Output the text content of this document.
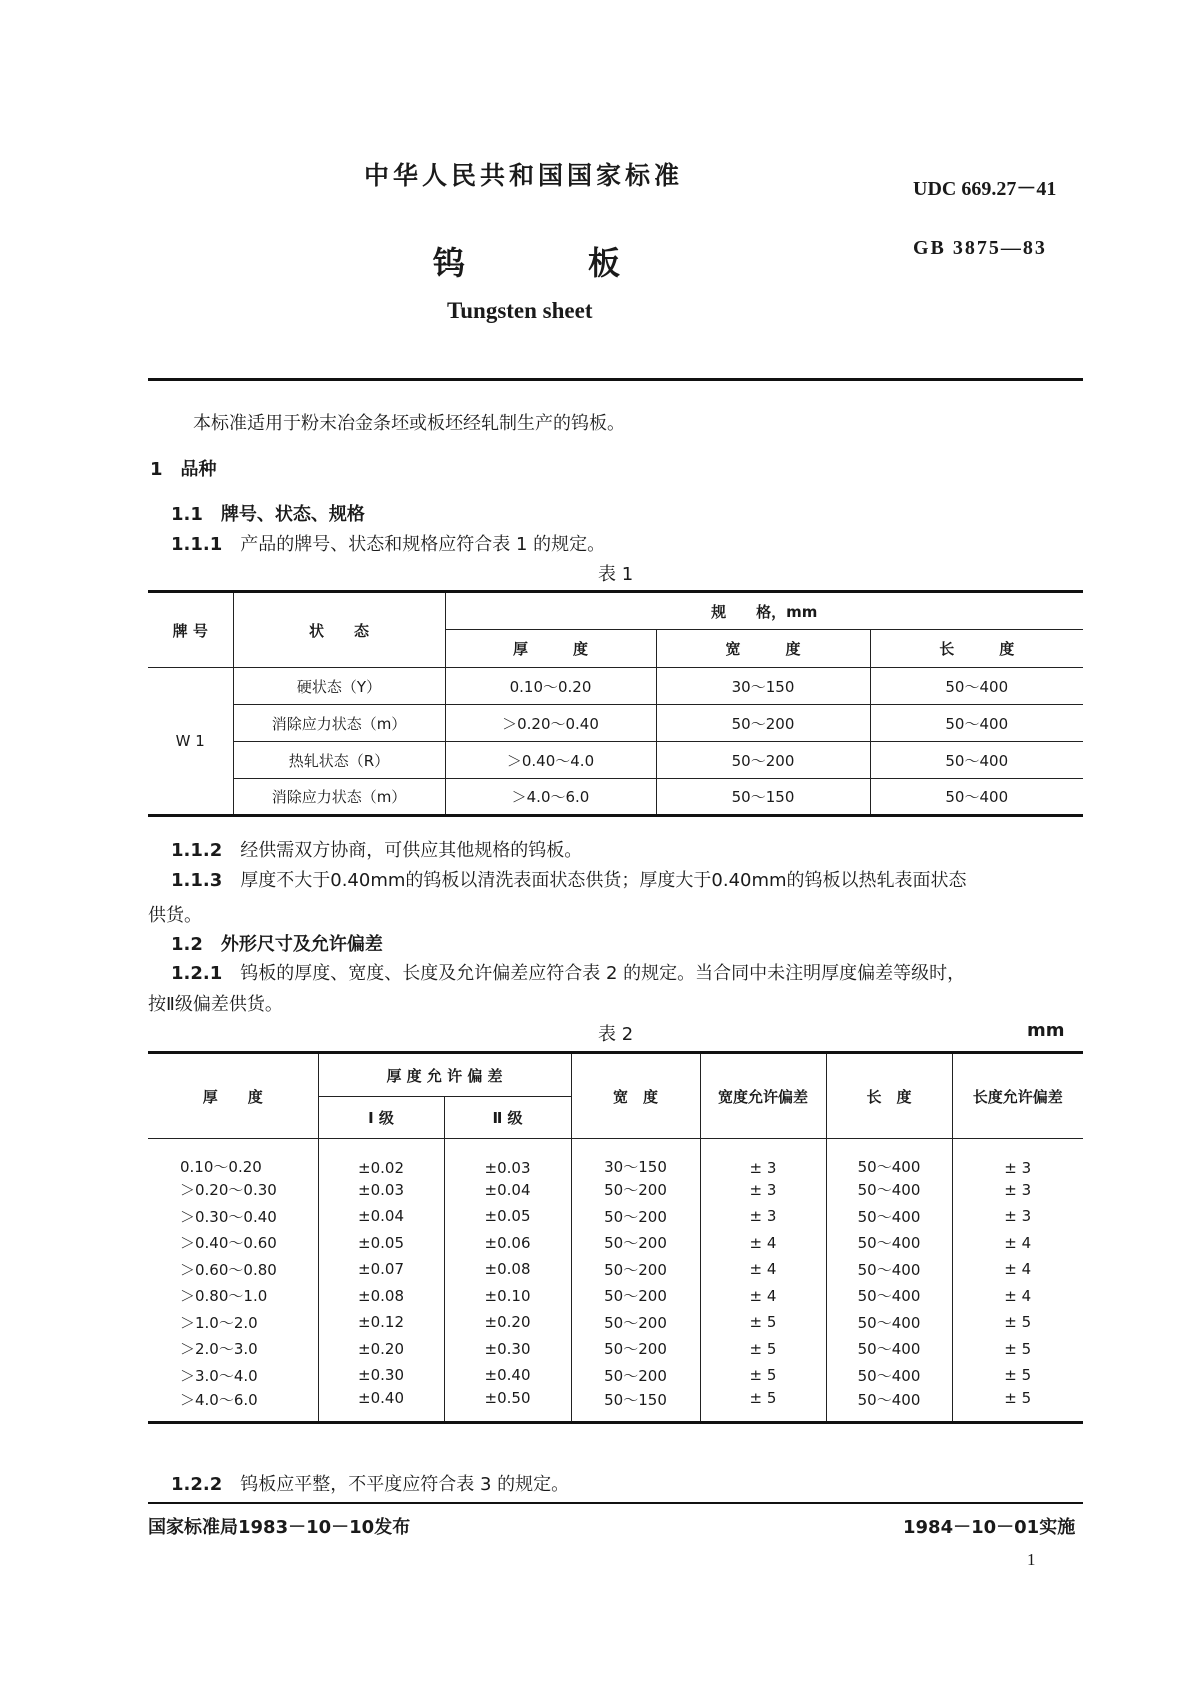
中华人民共和国国家标准	UDC 669.27－41
钨	板	GB 3875—83
Tungsten sheet
本标准适用于粉末冶金条坯或板坯经轧制生产的钨板。
1　品种
1.1　牌号、状态、规格
1.1.1　 产品的牌号、状态和规格应符合表 1 的规定。
表 1
牌 号	状　　态	规　　格，mm		
		厚　　　度	宽　　　度	长　　　度
W 1	硬状态（Y）	0.10～0.20	30～150	50～400
	消除应力状态（m）	＞0.20～0.40	50～200	50～400
	热轧状态（R）	＞0.40～4.0	50～200	50～400
	消除应力状态（m）	＞4.0～6.0	50～150	50～400
1.1.2　 经供需双方协商，可供应其他规格的钨板。
1.1.3　 厚度不大于0.40mm的钨板以清洗表面状态供货；厚度大于0.40mm的钨板以热轧表面状态
供货。
1.2　外形尺寸及允许偏差
1.2.1　 钨板的厚度、宽度、长度及允许偏差应符合表 2 的规定。当合同中未注明厚度偏差等级时，
按Ⅱ级偏差供货。
表 2	mm
厚　　度	厚 度 允 许 偏 差		宽　度	宽度允许偏差	长　度	长度允许偏差
	Ⅰ 级	Ⅱ 级				
0.10～0.20	±0.02	±0.03	30～150	± 3	50～400	± 3
＞0.20～0.30	±0.03	±0.04	50～200	± 3	50～400	± 3
＞0.30～0.40	±0.04	±0.05	50～200	± 3	50～400	± 3
＞0.40～0.60	±0.05	±0.06	50～200	± 4	50～400	± 4
＞0.60～0.80	±0.07	±0.08	50～200	± 4	50～400	± 4
＞0.80～1.0	±0.08	±0.10	50～200	± 4	50～400	± 4
＞1.0～2.0	±0.12	±0.20	50～200	± 5	50～400	± 5
＞2.0～3.0	±0.20	±0.30	50～200	± 5	50～400	± 5
＞3.0～4.0	±0.30	±0.40	50～200	± 5	50～400	± 5
＞4.0～6.0	±0.40	±0.50	50～150	± 5	50～400	± 5
1.2.2　 钨板应平整，不平度应符合表 3 的规定。
国家标准局1983－10－10发布	1984－10－01实施
1
